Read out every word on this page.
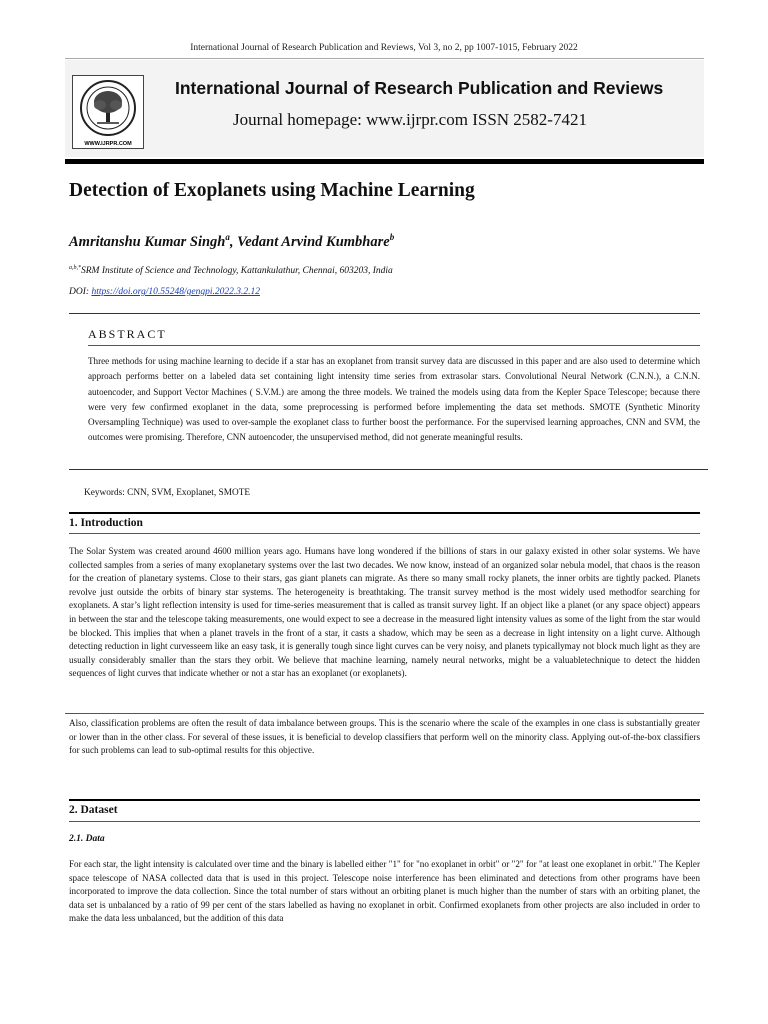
International Journal of Research Publication and Reviews, Vol 3, no 2, pp 1007-1015, February 2022
WWW.IJRPR.COM
International Journal of Research Publication and Reviews
Journal homepage: www.ijrpr.com ISSN 2582-7421
Detection of Exoplanets using Machine Learning
Amritanshu Kumar Singh$^a$, Vedant Arvind Kumbhare$^b$
$^{a,b,*}$SRM Institute of Science and Technology, Kattankulathur, Chennai, 603203, India
DOI: https://doi.org/10.55248/gengpi.2022.3.2.12
ABSTRACT
Three methods for using machine learning to decide if a star has an exoplanet from transit survey data are discussed in this paper and are also used to determine which approach performs better on a labeled data set containing light intensity time series from extrasolar stars. Convolutional Neural Network (C.N.N.), a C.N.N. autoencoder, and Support Vector Machines ( S.V.M.) are among the three models. We trained the models using data from the Kepler Space Telescope; because there were very few confirmed exoplanet in the data, some preprocessing is performed before implementing the data set methods. SMOTE (Synthetic Minority Oversampling Technique) was used to over-sample the exoplanet class to further boost the performance. For the supervised learning approaches, CNN and SVM, the outcomes were promising. Therefore, CNN autoencoder, the unsupervised method, did not generate meaningful results.
Keywords: CNN, SVM, Exoplanet, SMOTE
1. Introduction
The Solar System was created around 4600 million years ago. Humans have long wondered if the billions of stars in our galaxy existed in other solar systems. We have collected samples from a series of many exoplanetary systems over the last two decades. We now know, instead of an organized solar nebula model, that chaos is the reason for the creation of planetary systems. Close to their stars, gas giant planets can migrate. As there so many small rocky planets, the inner orbits are tightly packed. Planets revolve just outside the orbits of binary star systems. The heterogeneity is breathtaking. The transit survey method is the most widely used methodfor searching for exoplanets. A star’s light reflection intensity is used for time-series measurement that is called as transit survey light. If an object like a planet (or any space object) appears in between the star and the telescope taking measurements, one would expect to see a decrease in the measured light intensity values as some of the light from the star would be blocked. This implies that when a planet travels in the front of a star, it casts a shadow, which may be seen as a decrease in light intensity on a light curve. Although detecting reduction in light curvesseem like an easy task, it is generally tough since light curves can be very noisy, and planets typicallymay not block much light as they are usually considerably smaller than the stars they orbit. We believe that machine learning, namely neural networks, might be a valuabletechnique to detect the hidden sequences of light curves that indicate whether or not a star has an exoplanet (or exoplanets).
Also, classification problems are often the result of data imbalance between groups. This is the scenario where the scale of the examples in one class is substantially greater or lower than in the other class. For several of these issues, it is beneficial to develop classifiers that perform well on the minority class. Applying out-of-the-box classifiers for such problems can lead to sub-optimal results for this objective.
2. Dataset
2.1. Data
For each star, the light intensity is calculated over time and the binary is labelled either "1" for "no exoplanet in orbit" or "2" for "at least one exoplanet in orbit." The Kepler space telescope of NASA collected data that is used in this project. Telescope noise interference has been eliminated and detections from other programs have been incorporated to improve the data collection. Since the total number of stars without an orbiting planet is much higher than the number of stars with an orbiting planet, the data set is unbalanced by a ratio of 99 per cent of the stars labelled as having no exoplanet in orbit. Confirmed exoplanets from other projects are also included in order to make the data less unbalanced, but the addition of this data
